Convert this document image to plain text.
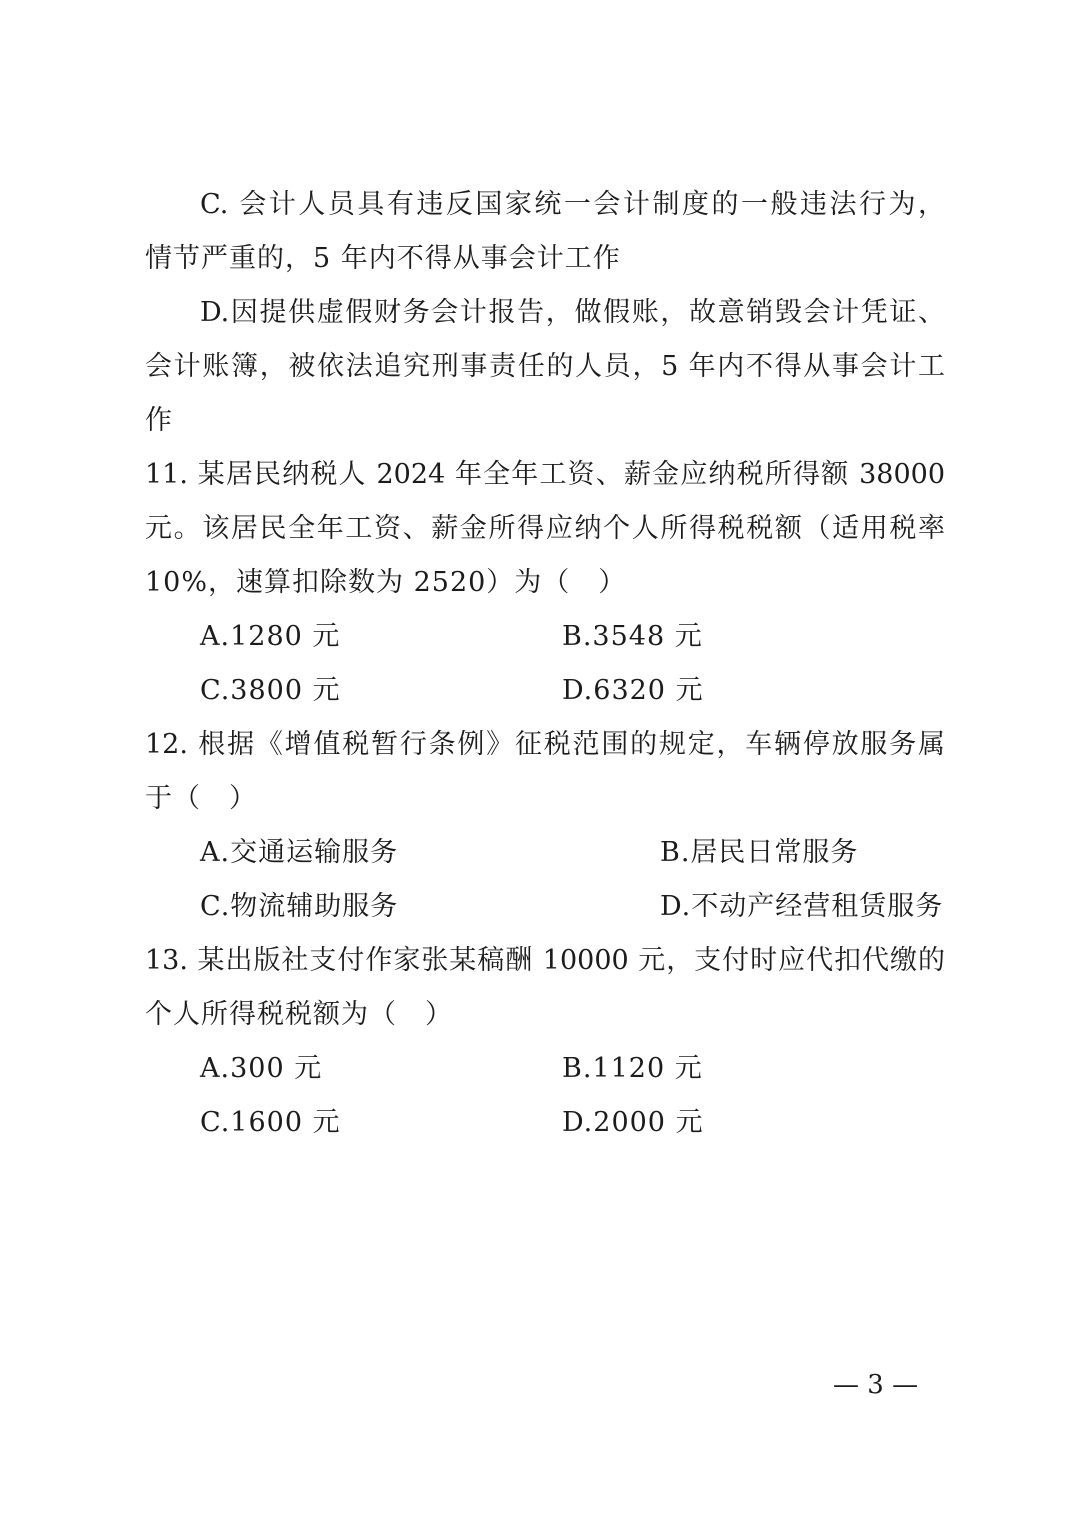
C. 会计人员具有违反国家统一会计制度的一般违法行为，
情节严重的，5 年内不得从事会计工作
D.因提供虚假财务会计报告，做假账，故意销毁会计凭证、
会计账簿，被依法追究刑事责任的人员，5 年内不得从事会计工
作
11. 某居民纳税人 2024 年全年工资、薪金应纳税所得额 38000
元。该居民全年工资、薪金所得应纳个人所得税税额（适用税率
10%，速算扣除数为 2520）为（　）
A.1280 元	B.3548 元
C.3800 元	D.6320 元
12. 根据《增值税暂行条例》征税范围的规定，车辆停放服务属
于（　）
A.交通运输服务	B.居民日常服务
C.物流辅助服务	D.不动产经营租赁服务
13. 某出版社支付作家张某稿酬 10000 元，支付时应代扣代缴的
个人所得税税额为（　）
A.300 元	B.1120 元
C.1600 元	D.2000 元
— 3 —
